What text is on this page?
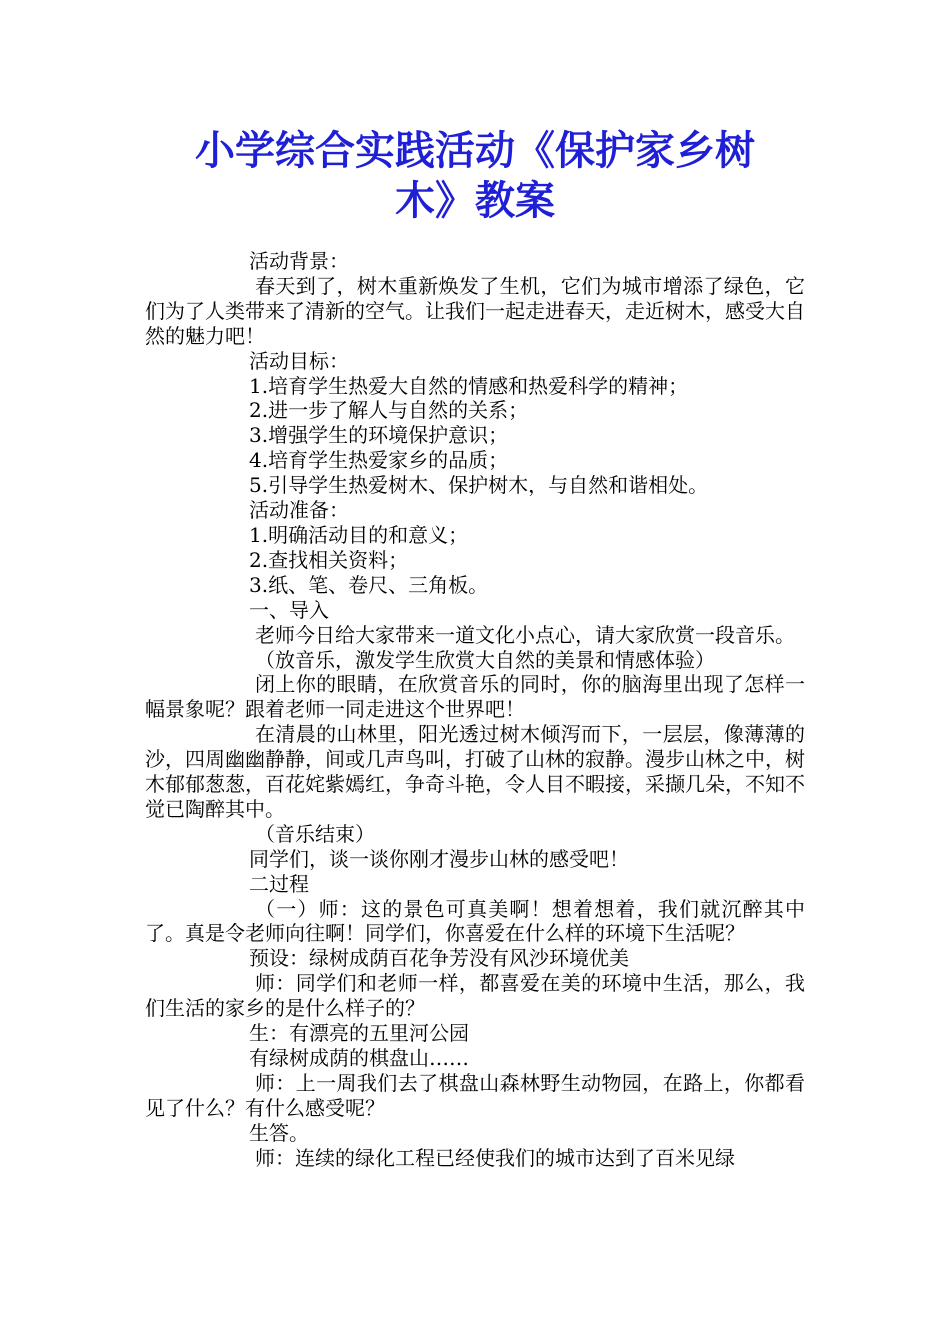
小学综合实践活动《保护家乡树
木》教案

活动背景：

春天到了，树木重新焕发了生机，它们为城市增添了绿色，它们为了人类带来了清新的空气。让我们一起走进春天，走近树木，感受大自然的魅力吧！

活动目标：

1.培育学生热爱大自然的情感和热爱科学的精神；

2.进一步了解人与自然的关系；

3.增强学生的环境保护意识；

4.培育学生热爱家乡的品质；

5.引导学生热爱树木、保护树木，与自然和谐相处。

活动准备：

1.明确活动目的和意义；

2.查找相关资料；

3.纸、笔、卷尺、三角板。

一、导入

老师今日给大家带来一道文化小点心，请大家欣赏一段音乐。

（放音乐，激发学生欣赏大自然的美景和情感体验）

闭上你的眼睛，在欣赏音乐的同时，你的脑海里出现了怎样一幅景象呢？跟着老师一同走进这个世界吧！

在清晨的山林里，阳光透过树木倾泻而下，一层层，像薄薄的沙，四周幽幽静静，间或几声鸟叫，打破了山林的寂静。漫步山林之中，树木郁郁葱葱，百花姹紫嫣红，争奇斗艳，令人目不暇接，采撷几朵，不知不觉已陶醉其中。

（音乐结束）

同学们，谈一谈你刚才漫步山林的感受吧！

二过程

（一）师：这的景色可真美啊！想着想着，我们就沉醉其中了。真是令老师向往啊！同学们，你喜爱在什么样的环境下生活呢？

预设：绿树成荫百花争芳没有风沙环境优美

师：同学们和老师一样，都喜爱在美的环境中生活，那么，我们生活的家乡的是什么样子的？

生：有漂亮的五里河公园

有绿树成荫的棋盘山……

师：上一周我们去了棋盘山森林野生动物园，在路上，你都看见了什么？有什么感受呢？

生答。

师：连续的绿化工程已经使我们的城市达到了百米见绿
